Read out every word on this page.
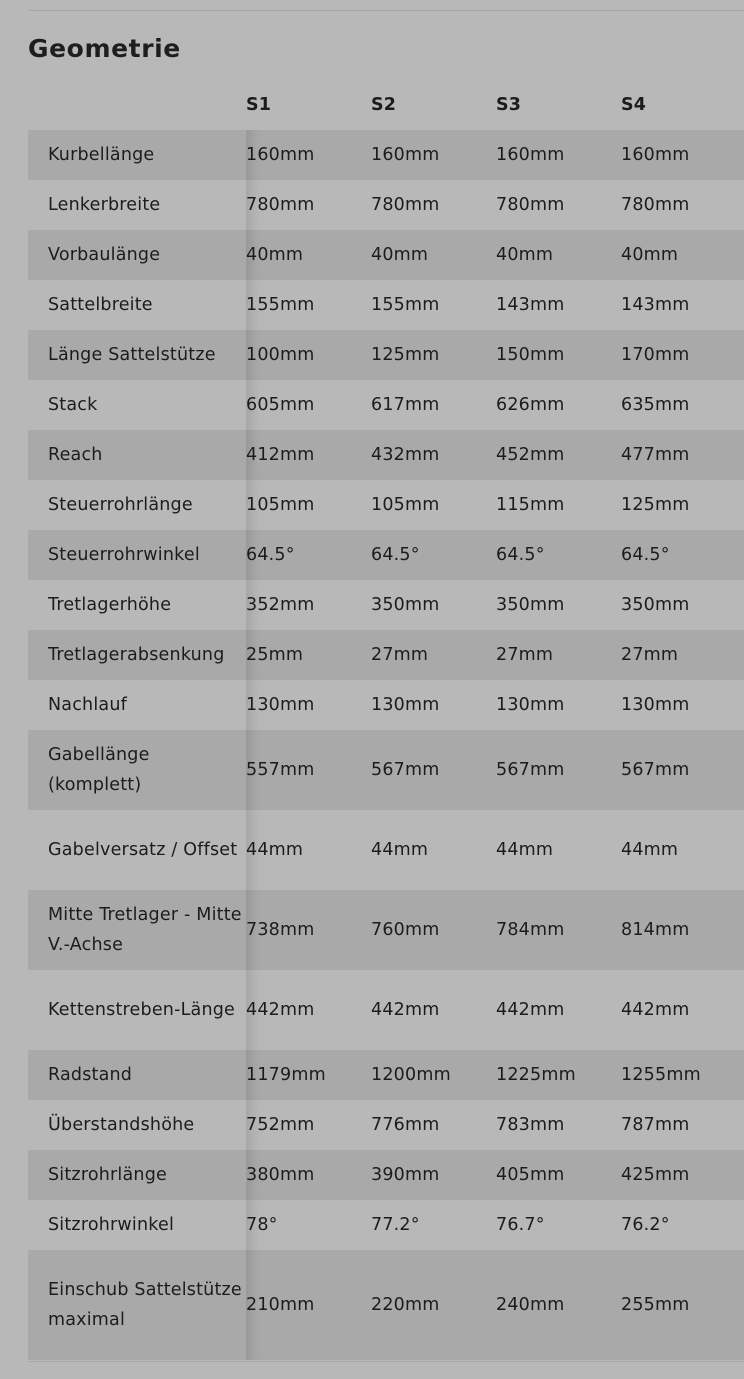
Geometrie
	S1	S2	S3	S4
Kurbellänge	160mm	160mm	160mm	160mm
Lenkerbreite	780mm	780mm	780mm	780mm
Vorbaulänge	40mm	40mm	40mm	40mm
Sattelbreite	155mm	155mm	143mm	143mm
Länge Sattelstütze	100mm	125mm	150mm	170mm
Stack	605mm	617mm	626mm	635mm
Reach	412mm	432mm	452mm	477mm
Steuerrohrlänge	105mm	105mm	115mm	125mm
Steuerrohrwinkel	64.5°	64.5°	64.5°	64.5°
Tretlagerhöhe	352mm	350mm	350mm	350mm
Tretlagerabsenkung	25mm	27mm	27mm	27mm
Nachlauf	130mm	130mm	130mm	130mm
Gabellänge (komplett)	557mm	567mm	567mm	567mm
Gabelversatz / Offset	44mm	44mm	44mm	44mm
Mitte Tretlager - Mitte V.-Achse	738mm	760mm	784mm	814mm
Kettenstreben-Länge	442mm	442mm	442mm	442mm
Radstand	1179mm	1200mm	1225mm	1255mm
Überstandshöhe	752mm	776mm	783mm	787mm
Sitzrohrlänge	380mm	390mm	405mm	425mm
Sitzrohrwinkel	78°	77.2°	76.7°	76.2°
Einschub Sattelstütze maximal	210mm	220mm	240mm	255mm
